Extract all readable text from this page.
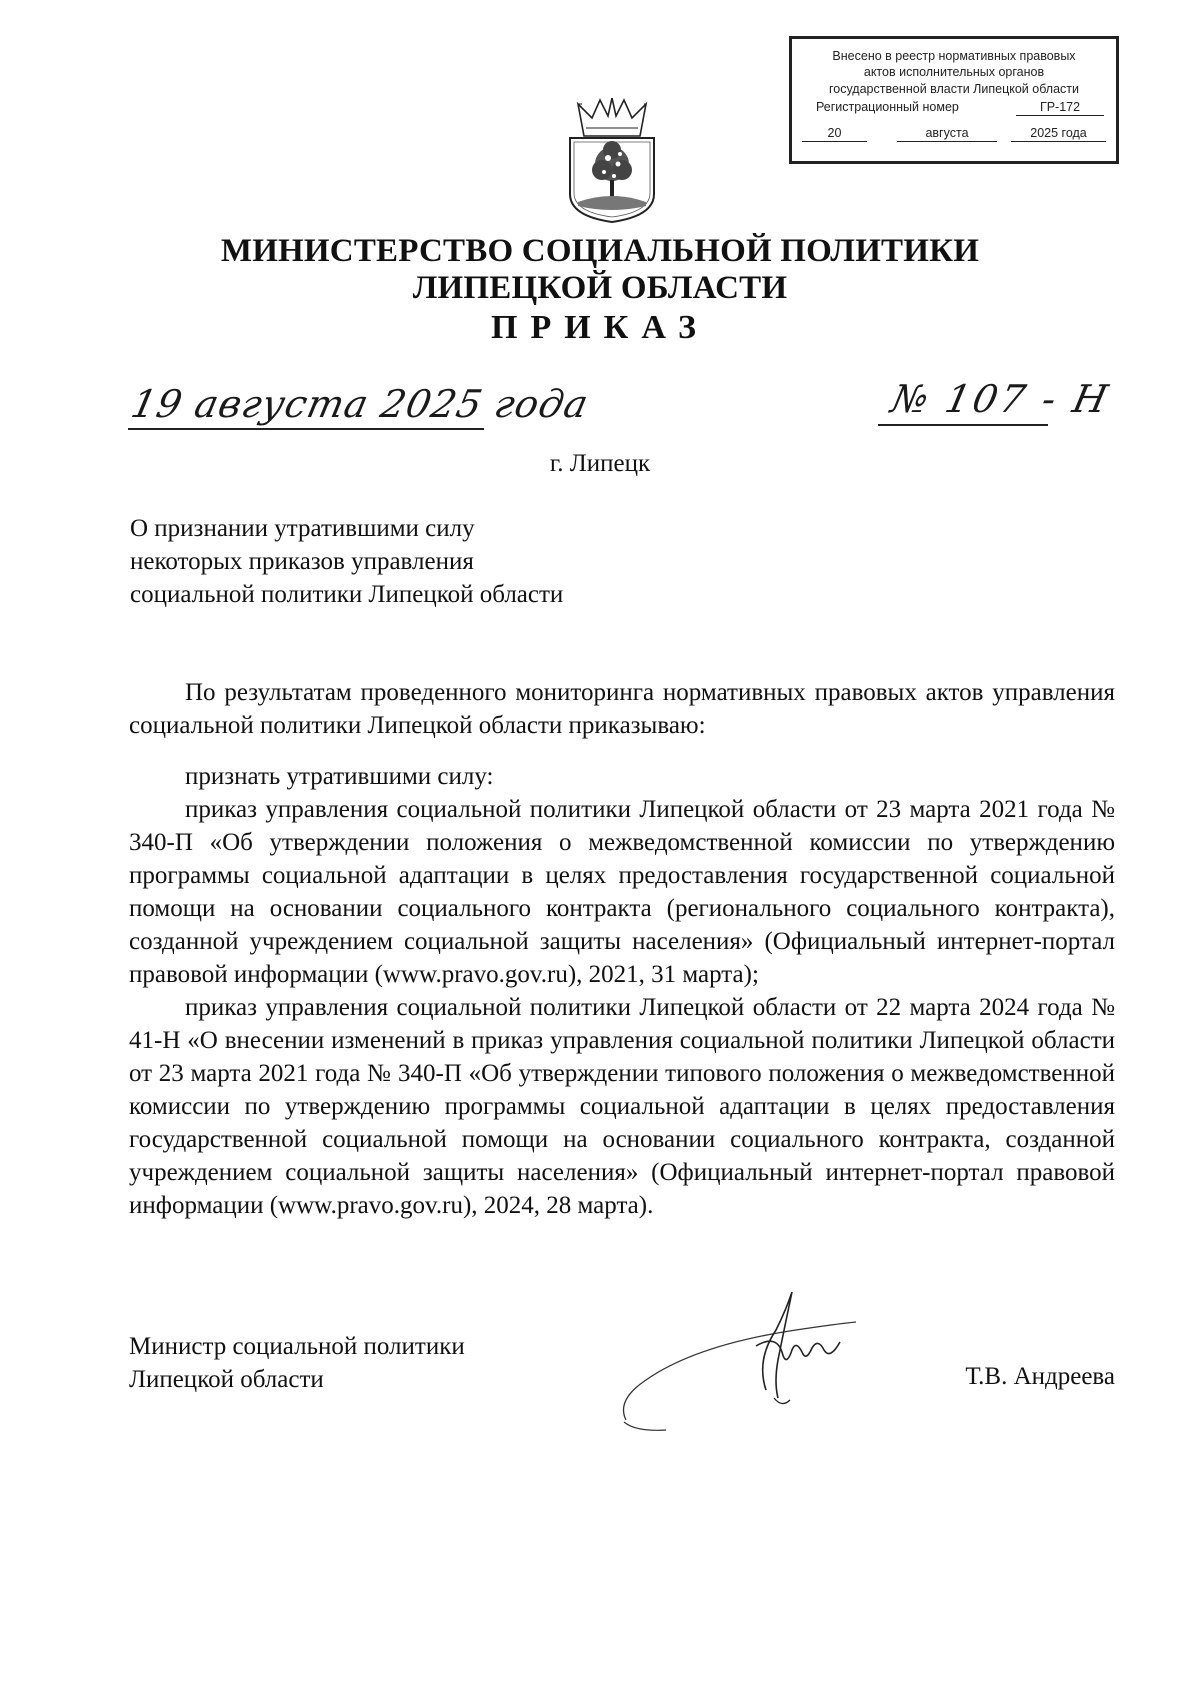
Внесено в реестр нормативных правовых
актов исполнительных органов
государственной власти Липецкой области
Регистрационный номер	ГР-172
20	августа	2025 года
МИНИСТЕРСТВО СОЦИАЛЬНОЙ ПОЛИТИКИ
ЛИПЕЦКОЙ ОБЛАСТИ
ПРИКАЗ
19 августа 2025 года	№ 107 - Н
г. Липецк
О признании утратившими силу
некоторых приказов управления
социальной политики Липецкой области

По результатам проведенного мониторинга нормативных правовых актов управления социальной политики Липецкой области приказываю:

признать утратившими силу:

приказ управления социальной политики Липецкой области от 23 марта 2021 года № 340-П «Об утверждении положения о межведомственной комиссии по утверждению программы социальной адаптации в целях предоставления государственной социальной помощи на основании социального контракта (регионального социального контракта), созданной учреждением социальной защиты населения» (Официальный интернет-портал правовой информации (www.pravo.gov.ru), 2021, 31 марта);

приказ управления социальной политики Липецкой области от 22 марта 2024 года № 41-Н «О внесении изменений в приказ управления социальной политики Липецкой области от 23 марта 2021 года № 340-П «Об утверждении типового положения о межведомственной комиссии по утверждению программы социальной адаптации в целях предоставления государственной социальной помощи на основании социального контракта, созданной учреждением социальной защиты населения» (Официальный интернет-портал правовой информации (www.pravo.gov.ru), 2024, 28 марта).

Министр социальной политики
Липецкой области	Т.В. Андреева
